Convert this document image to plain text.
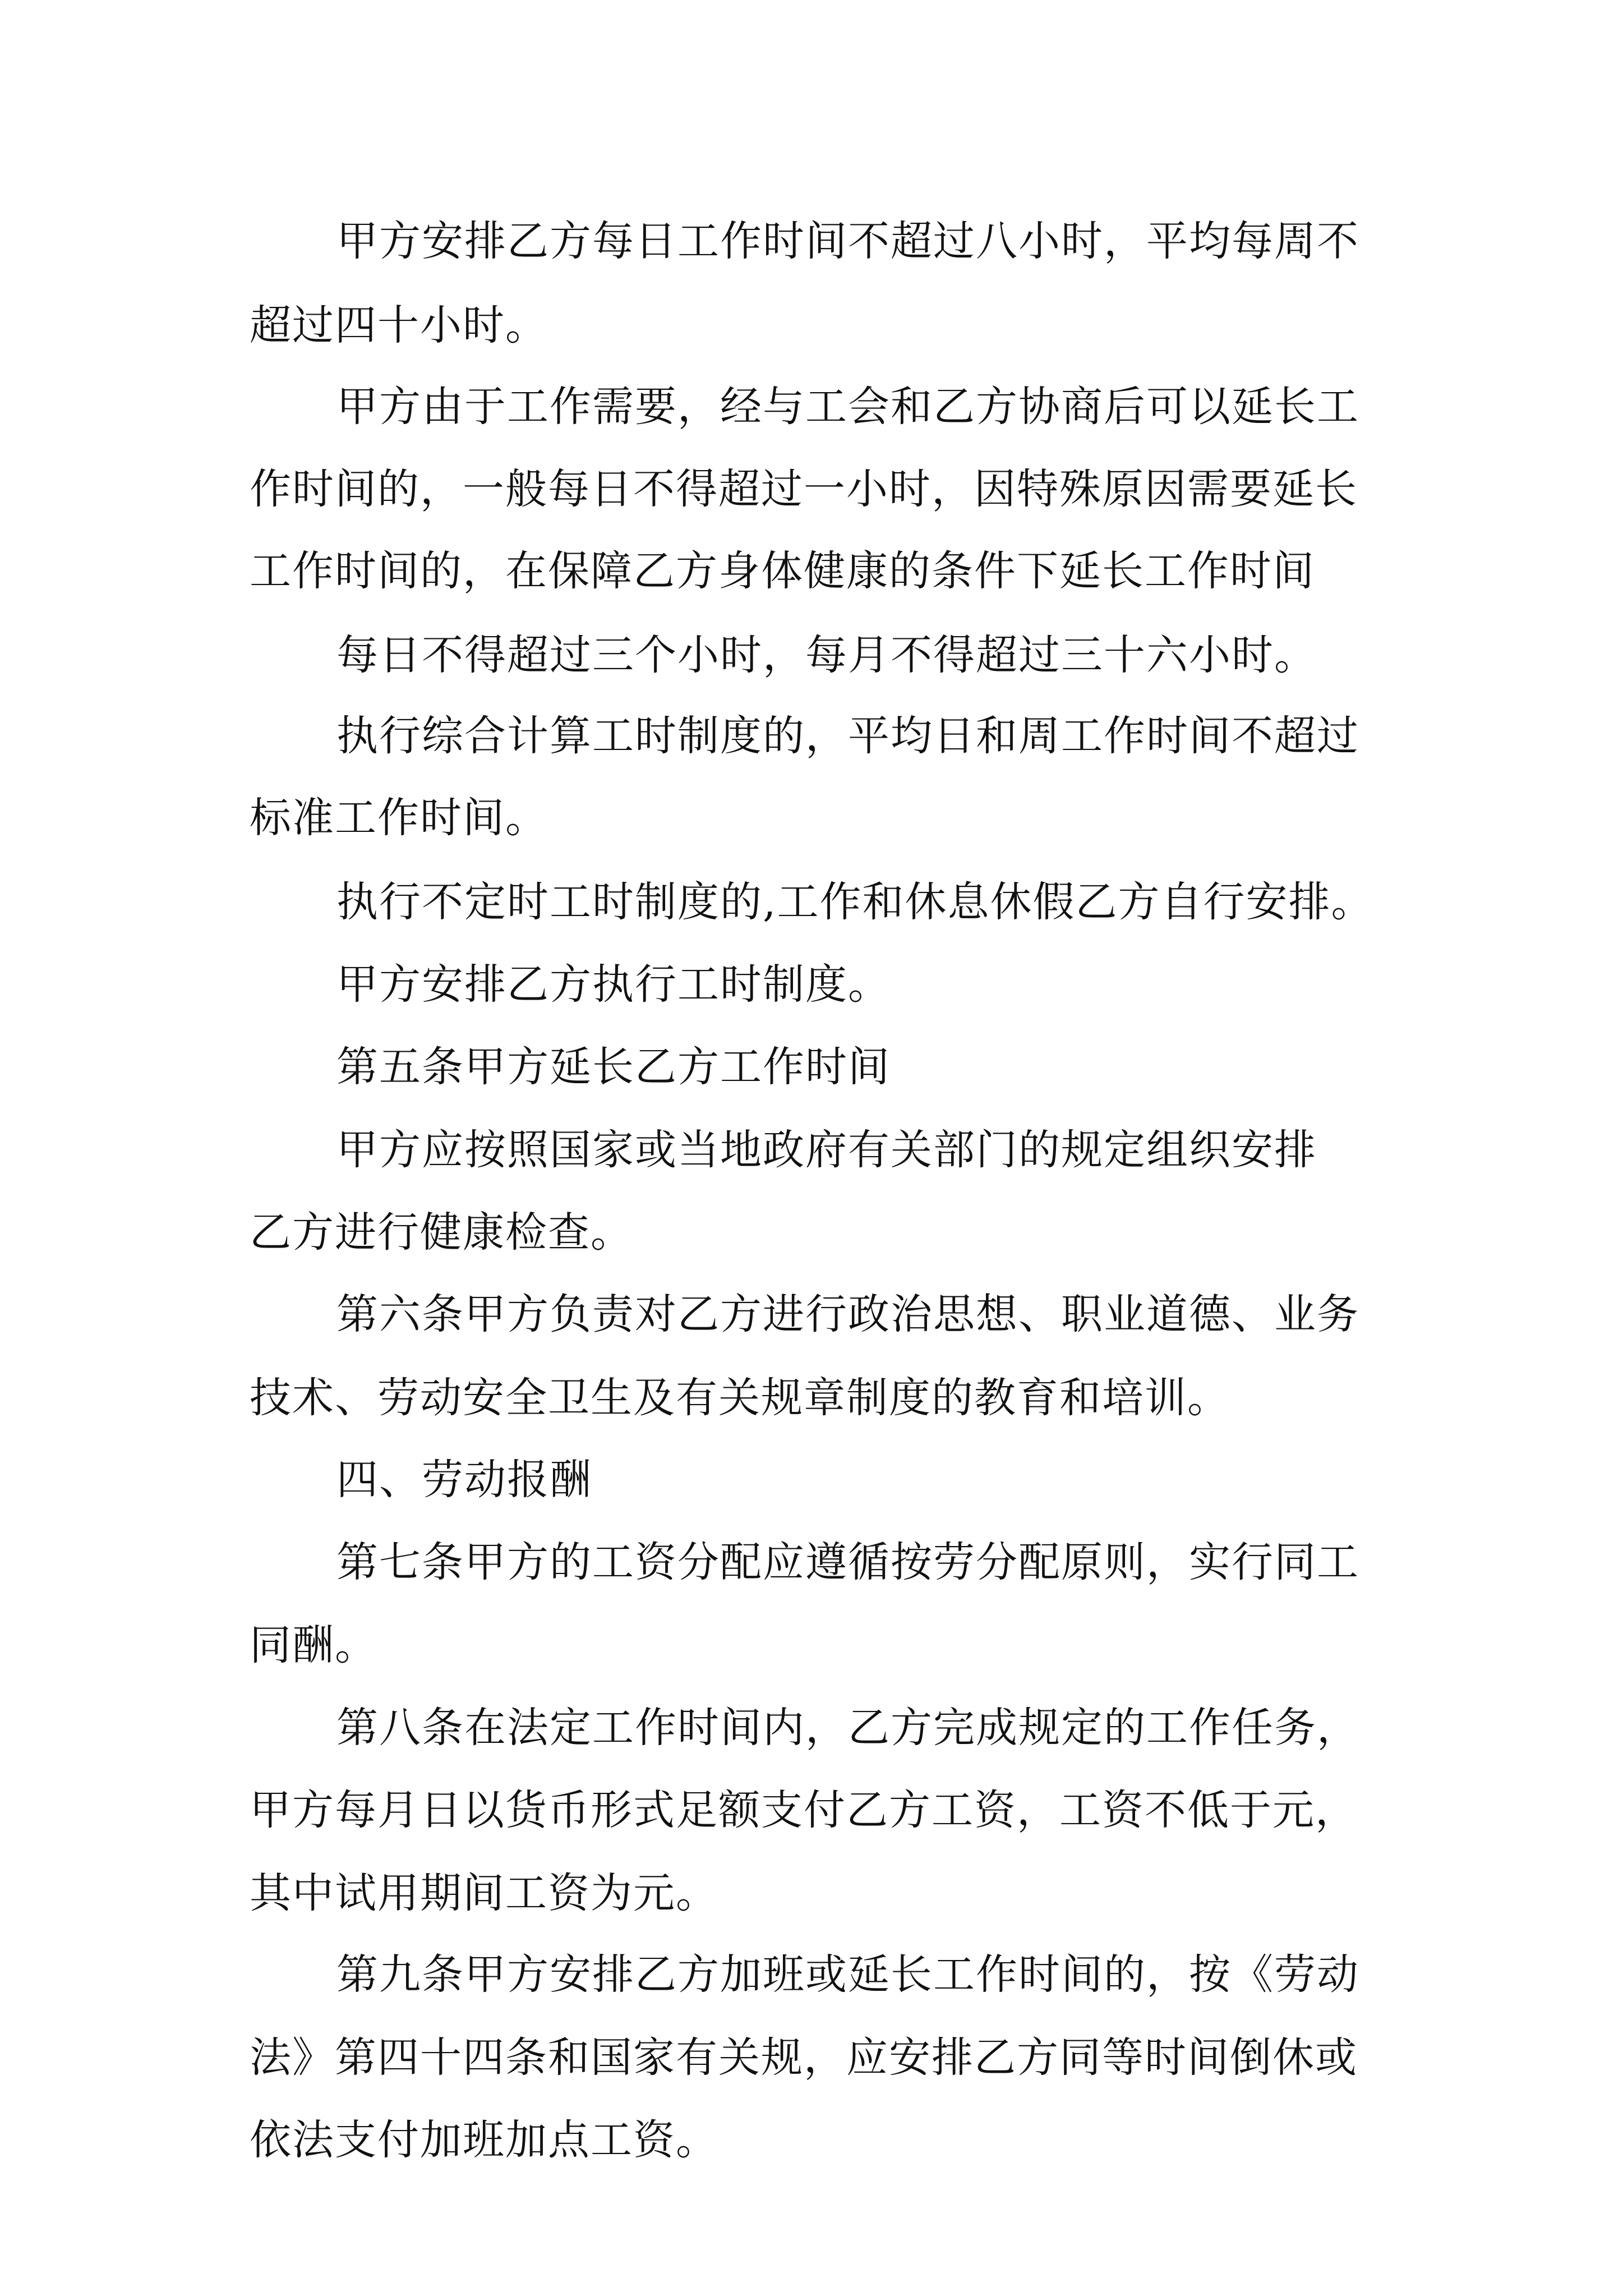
甲方安排乙方每日工作时间不超过八小时，平均每周不
超过四十小时。
甲方由于工作需要，经与工会和乙方协商后可以延长工
作时间的，一般每日不得超过一小时，因特殊原因需要延长
工作时间的，在保障乙方身体健康的条件下延长工作时间
每日不得超过三个小时，每月不得超过三十六小时。
执行综合计算工时制度的，平均日和周工作时间不超过
标准工作时间。
执行不定时工时制度的,工作和休息休假乙方自行安排。
甲方安排乙方执行工时制度。
第五条甲方延长乙方工作时间
甲方应按照国家或当地政府有关部门的规定组织安排
乙方进行健康检查。
第六条甲方负责对乙方进行政治思想、职业道德、业务
技术、劳动安全卫生及有关规章制度的教育和培训。
四、劳动报酬
第七条甲方的工资分配应遵循按劳分配原则，实行同工
同酬。
第八条在法定工作时间内，乙方完成规定的工作任务，
甲方每月日以货币形式足额支付乙方工资，工资不低于元，
其中试用期间工资为元。
第九条甲方安排乙方加班或延长工作时间的，按《劳动
法》第四十四条和国家有关规，应安排乙方同等时间倒休或
依法支付加班加点工资。
